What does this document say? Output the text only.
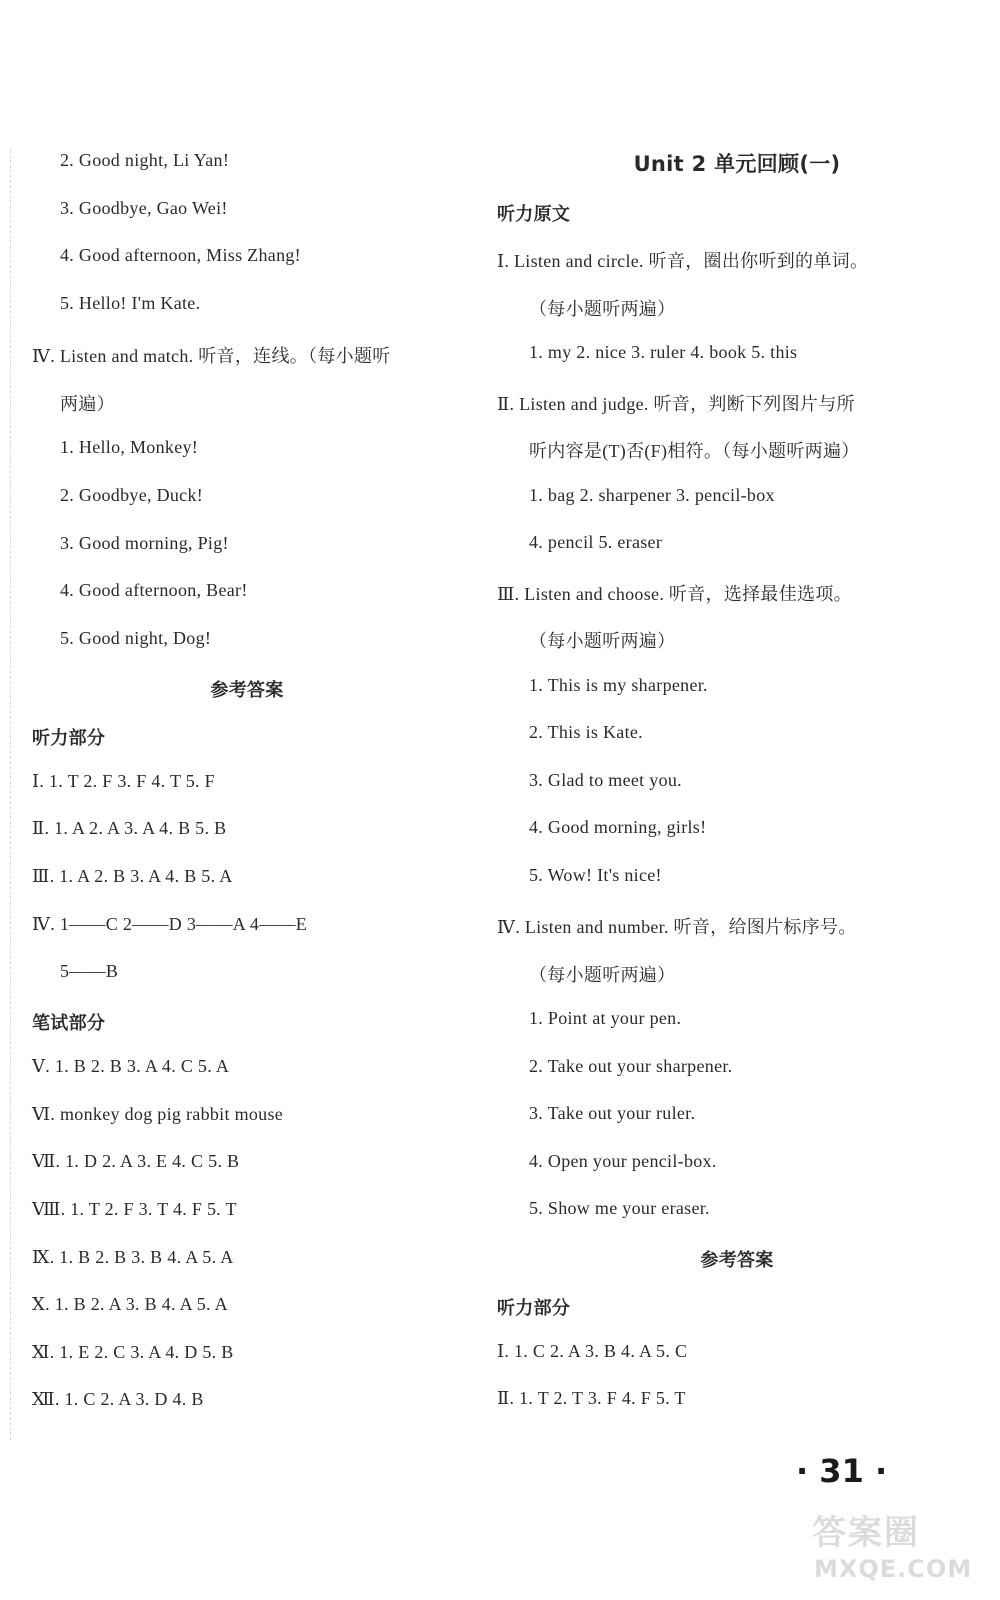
2. Good night, Li Yan!
3. Goodbye, Gao Wei!
4. Good afternoon, Miss Zhang!
5. Hello! I'm Kate.
Ⅳ. Listen and match. 听音，连线。（每小题听
两遍）
1. Hello, Monkey!
2. Goodbye, Duck!
3. Good morning, Pig!
4. Good afternoon, Bear!
5. Good night, Dog!
参考答案
听力部分
Ⅰ. 1. T 2. F 3. F 4. T 5. F
Ⅱ. 1. A 2. A 3. A 4. B 5. B
Ⅲ. 1. A 2. B 3. A 4. B 5. A
Ⅳ. 1——C 2——D 3——A 4——E
5——B
笔试部分
Ⅴ. 1. B 2. B 3. A 4. C 5. A
Ⅵ. monkey dog pig rabbit mouse
Ⅶ. 1. D 2. A 3. E 4. C 5. B
Ⅷ. 1. T 2. F 3. T 4. F 5. T
Ⅸ. 1. B 2. B 3. B 4. A 5. A
Ⅹ. 1. B 2. A 3. B 4. A 5. A
Ⅺ. 1. E 2. C 3. A 4. D 5. B
Ⅻ. 1. C 2. A 3. D 4. B
Unit 2 单元回顾(一)
听力原文
Ⅰ. Listen and circle. 听音，圈出你听到的单词。
（每小题听两遍）
1. my 2. nice 3. ruler 4. book 5. this
Ⅱ. Listen and judge. 听音，判断下列图片与所
听内容是(T)否(F)相符。（每小题听两遍）
1. bag 2. sharpener 3. pencil-box
4. pencil 5. eraser
Ⅲ. Listen and choose. 听音，选择最佳选项。
（每小题听两遍）
1. This is my sharpener.
2. This is Kate.
3. Glad to meet you.
4. Good morning, girls!
5. Wow! It's nice!
Ⅳ. Listen and number. 听音，给图片标序号。
（每小题听两遍）
1. Point at your pen.
2. Take out your sharpener.
3. Take out your ruler.
4. Open your pencil-box.
5. Show me your eraser.
参考答案
听力部分
Ⅰ. 1. C 2. A 3. B 4. A 5. C
Ⅱ. 1. T 2. T 3. F 4. F 5. T
· 31 ·
答案圈
MXQE.COM
